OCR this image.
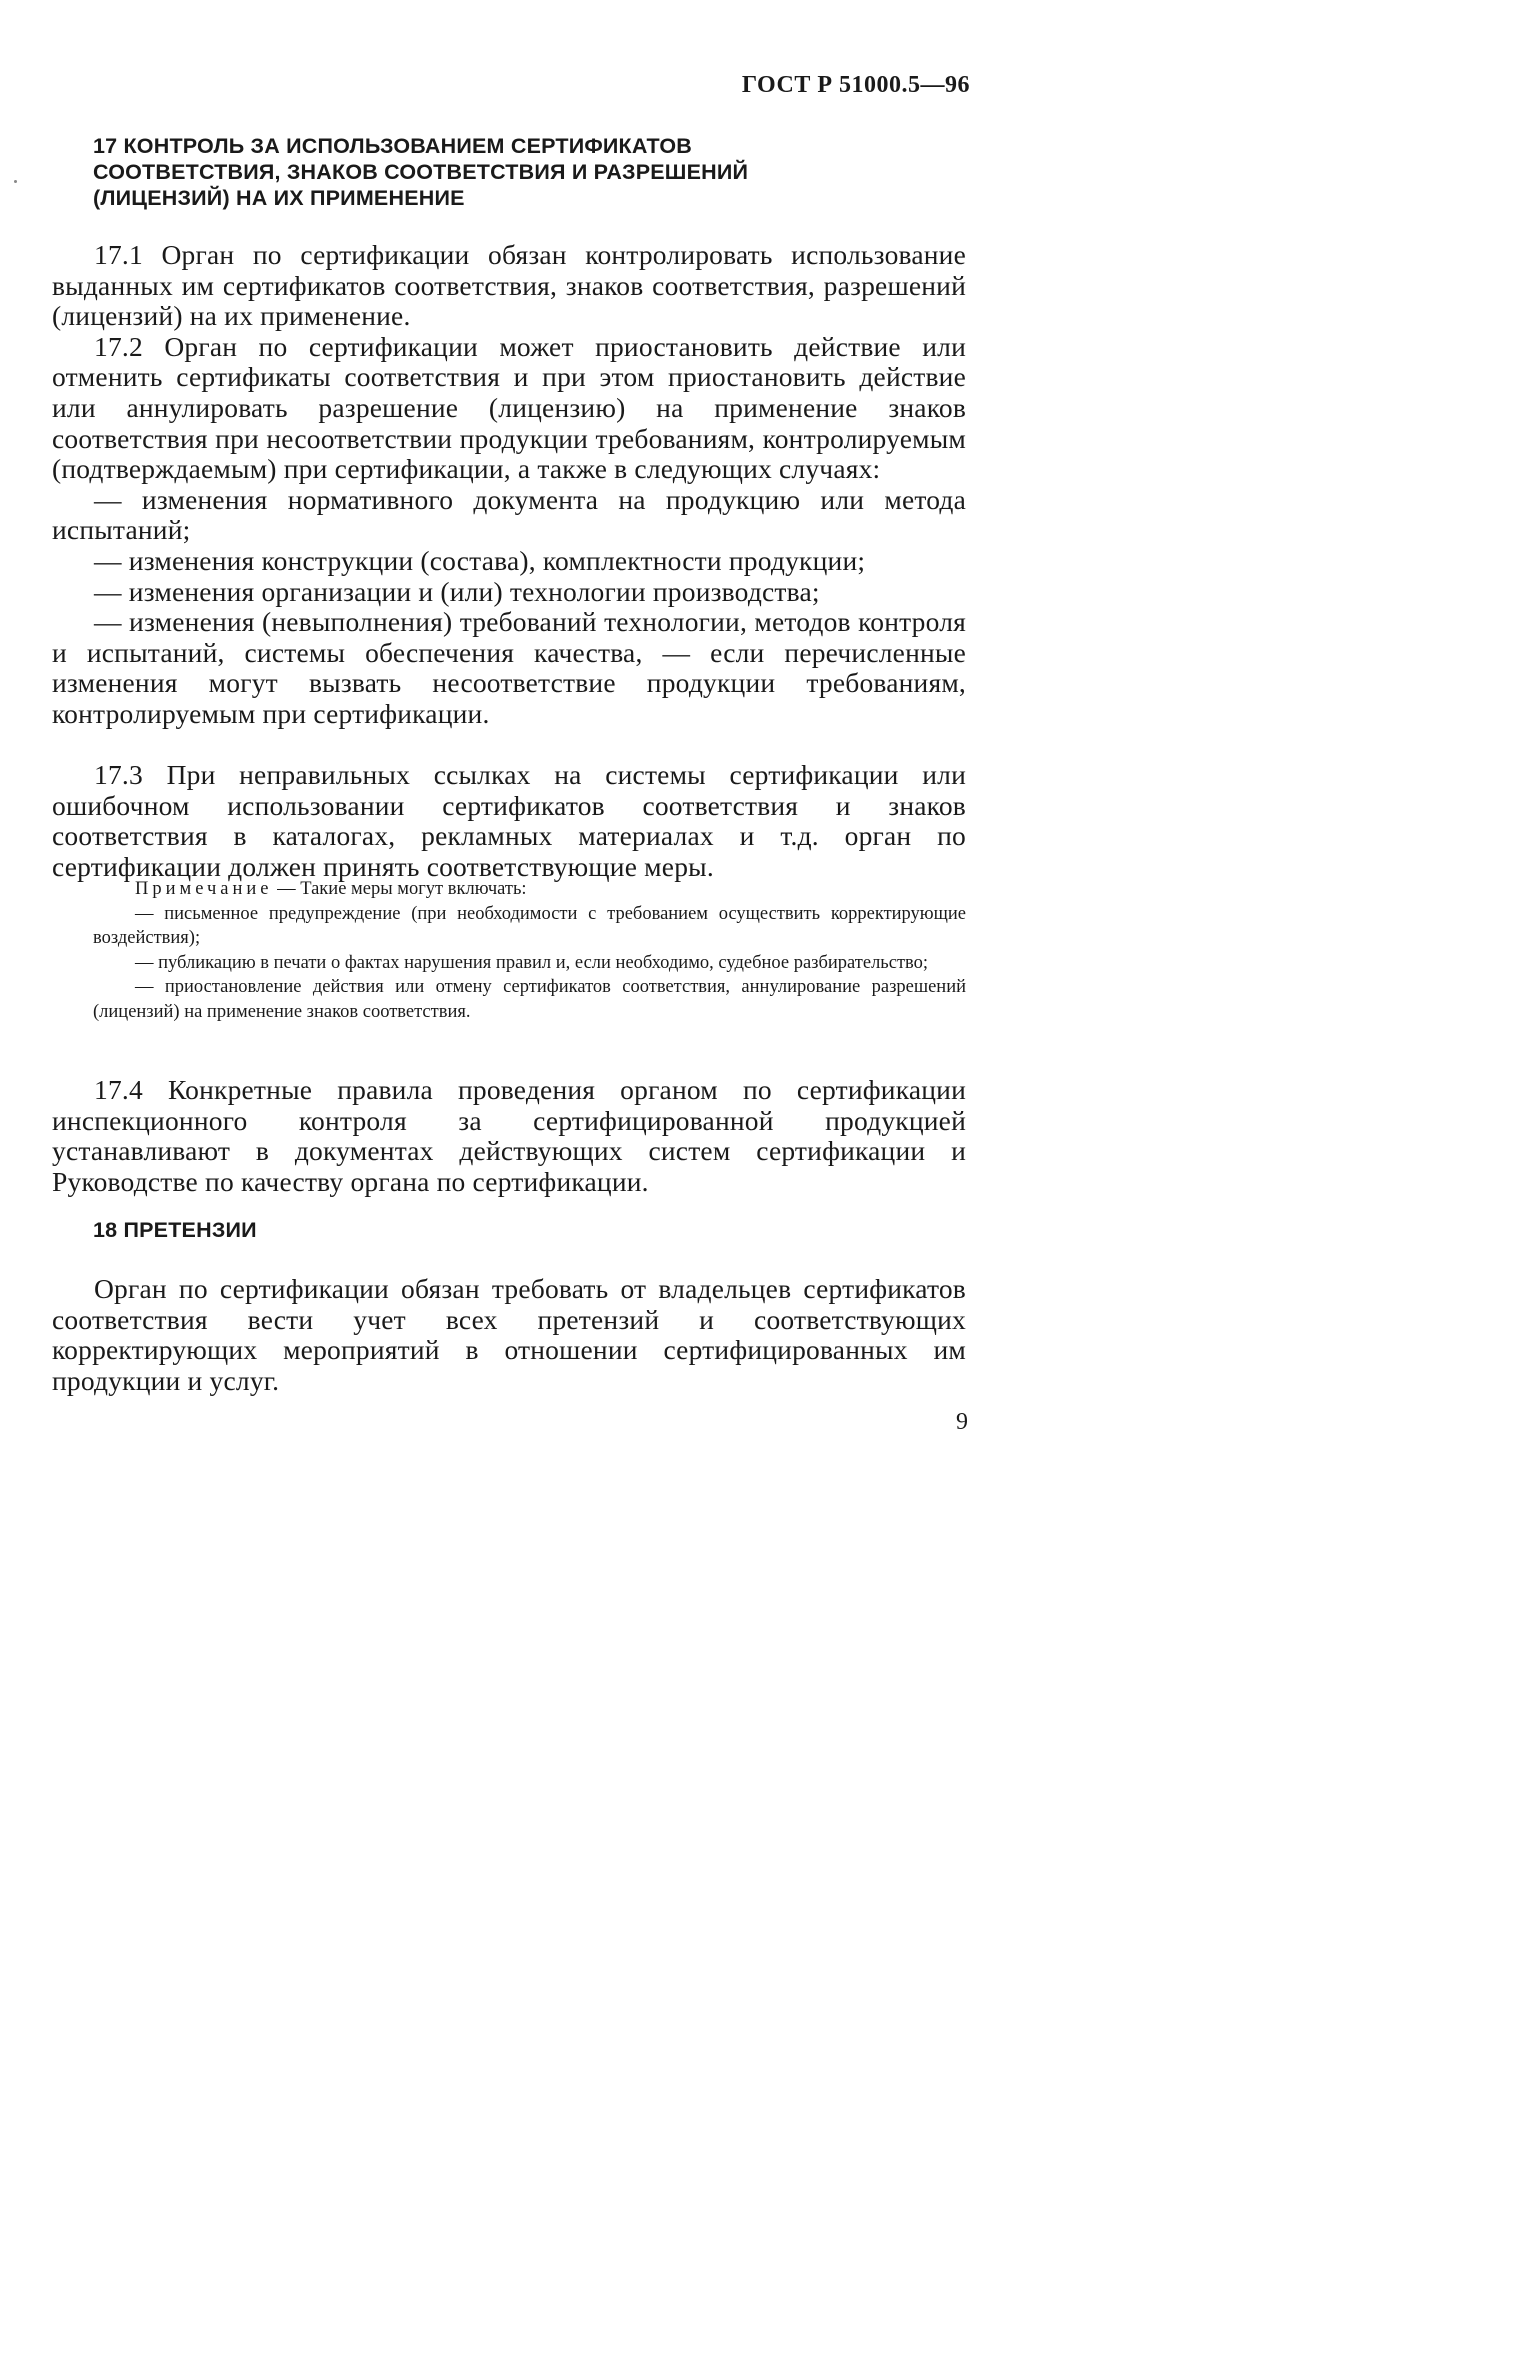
ГОСТ Р 51000.5—96
17 КОНТРОЛЬ ЗА ИСПОЛЬЗОВАНИЕМ СЕРТИФИКАТОВ
СООТВЕТСТВИЯ, ЗНАКОВ СООТВЕТСТВИЯ И РАЗРЕШЕНИЙ
(ЛИЦЕНЗИЙ) НА ИХ ПРИМЕНЕНИЕ

17.1 Орган по сертификации обязан контролировать использование выданных им сертификатов соответствия, знаков соответствия, разрешений (лицензий) на их применение.

17.2 Орган по сертификации может приостановить действие или отменить сертификаты соответствия и при этом приостановить действие или аннулировать разрешение (лицензию) на применение знаков соответствия при несоответствии продукции требованиям, контролируемым (подтверждаемым) при сертификации, а также в следующих случаях:

— изменения нормативного документа на продукцию или метода испытаний;

— изменения конструкции (состава), комплектности продукции;

— изменения организации и (или) технологии производства;

— изменения (невыполнения) требований технологии, методов контроля и испытаний, системы обеспечения качества, — если перечисленные изменения могут вызвать несоответствие продукции требованиям, контролируемым при сертификации.

17.3 При неправильных ссылках на системы сертификации или ошибочном использовании сертификатов соответствия и знаков соответствия в каталогах, рекламных материалах и т.д. орган по сертификации должен принять соответствующие меры.

Примечание — Такие меры могут включать:

— письменное предупреждение (при необходимости с требованием осуществить корректирующие воздействия);

— публикацию в печати о фактах нарушения правил и, если необходимо, судебное разбирательство;

— приостановление действия или отмену сертификатов соответствия, аннулирование разрешений (лицензий) на применение знаков соответствия.

17.4 Конкретные правила проведения органом по сертификации инспекционного контроля за сертифицированной продукцией устанавливают в документах действующих систем сертификации и Руководстве по качеству органа по сертификации.

18 ПРЕТЕНЗИИ

Орган по сертификации обязан требовать от владельцев сертификатов соответствия вести учет всех претензий и соответствующих корректирующих мероприятий в отношении сертифицированных им продукции и услуг.

9
